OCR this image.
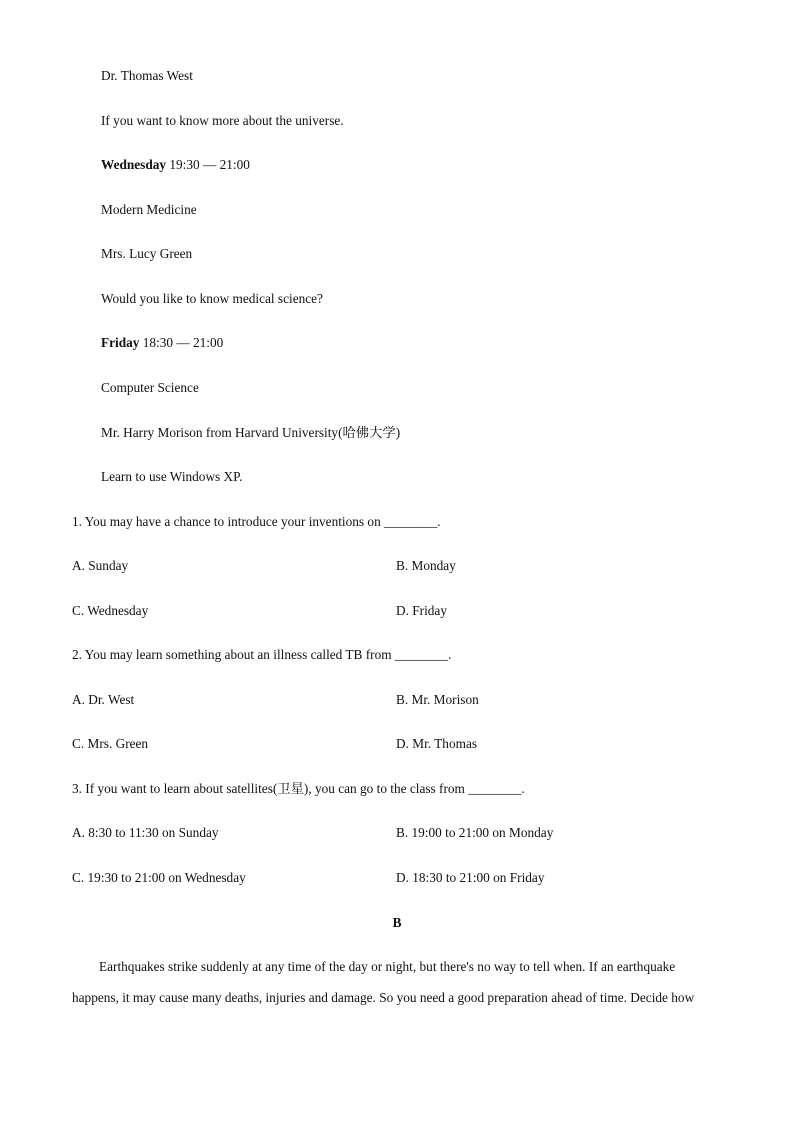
Dr. Thomas West
If you want to know more about the universe.
Wednesday 19:30 — 21:00
Modern Medicine
Mrs. Lucy Green
Would you like to know medical science?
Friday 18:30 — 21:00
Computer Science
Mr. Harry Morison from Harvard University(哈佛大学)
Learn to use Windows XP.
1. You may have a chance to introduce your inventions on ________.
A. Sunday	B. Monday
C. Wednesday	D. Friday
2. You may learn something about an illness called TB from ________.
A. Dr. West	B. Mr. Morison
C. Mrs. Green	D. Mr. Thomas
3. If you want to learn about satellites(卫星), you can go to the class from ________.
A. 8:30 to 11:30 on Sunday	B. 19:00 to 21:00 on Monday
C. 19:30 to 21:00 on Wednesday	D. 18:30 to 21:00 on Friday
B
Earthquakes strike suddenly at any time of the day or night, but there's no way to tell when. If an earthquake
happens, it may cause many deaths, injuries and damage. So you need a good preparation ahead of time. Decide how
